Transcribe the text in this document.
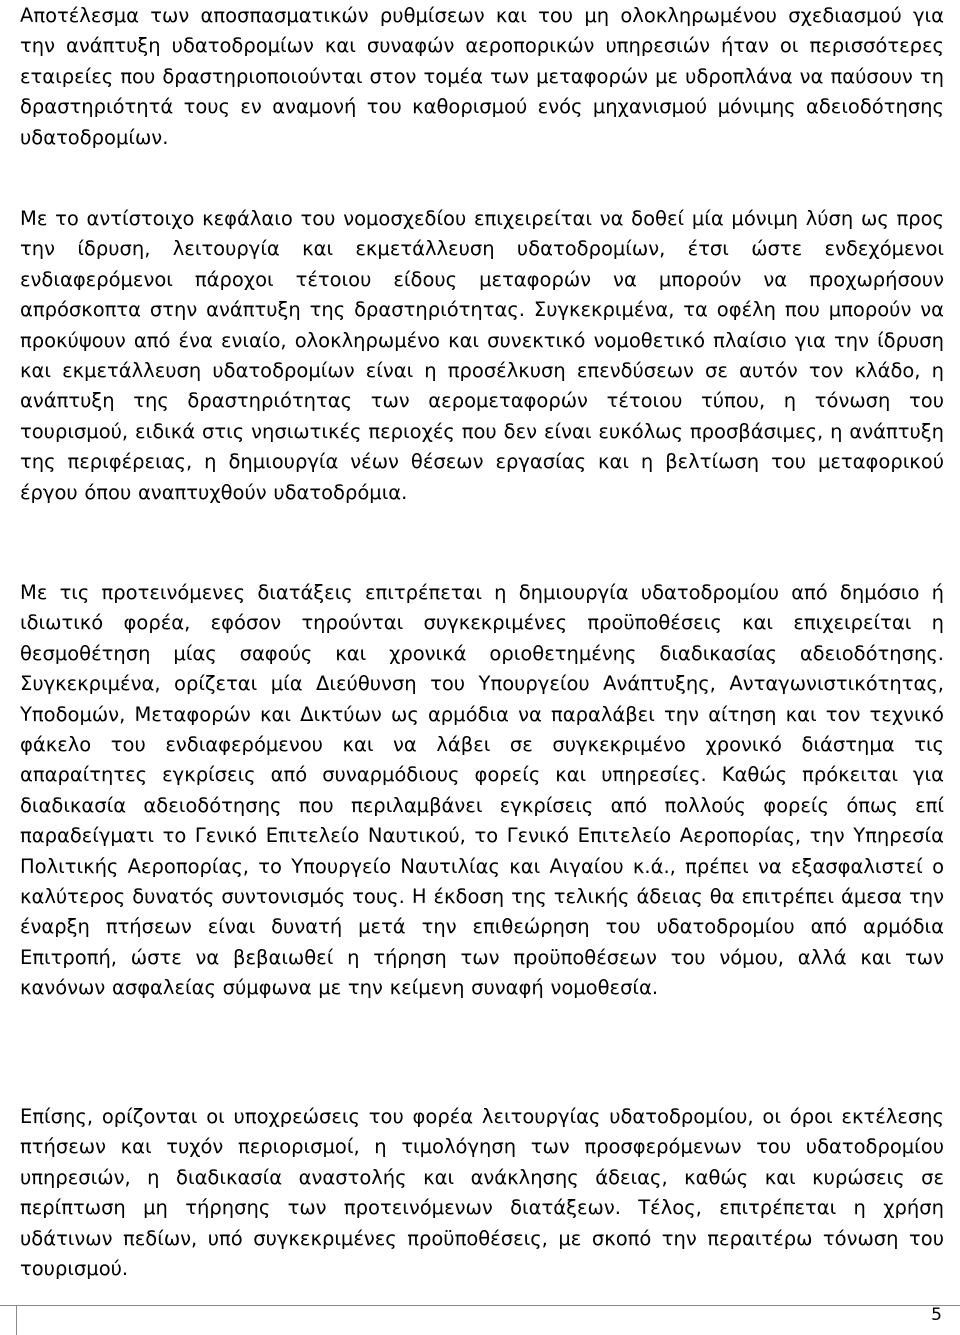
Αποτέλεσμα των αποσπασματικών ρυθμίσεων και του μη ολοκληρωμένου σχεδιασμού για την ανάπτυξη υδατοδρομίων και συναφών αεροπορικών υπηρεσιών ήταν οι περισσότερες εταιρείες που δραστηριοποιούνται στον τομέα των μεταφορών με υδροπλάνα να παύσουν τη δραστηριότητά τους εν αναμονή του καθορισμού ενός μηχανισμού μόνιμης αδειοδότησης υδατοδρομίων.

Με το αντίστοιχο κεφάλαιο του νομοσχεδίου επιχειρείται να δοθεί μία μόνιμη λύση ως προς την ίδρυση, λειτουργία και εκμετάλλευση υδατοδρομίων, έτσι ώστε ενδεχόμενοι ενδιαφερόμενοι πάροχοι τέτοιου είδους μεταφορών να μπορούν να προχωρήσουν απρόσκοπτα στην ανάπτυξη της δραστηριότητας. Συγκεκριμένα, τα οφέλη που μπορούν να προκύψουν από ένα ενιαίο, ολοκληρωμένο και συνεκτικό νομοθετικό πλαίσιο για την ίδρυση και εκμετάλλευση υδατοδρομίων είναι η προσέλκυση επενδύσεων σε αυτόν τον κλάδο, η ανάπτυξη της δραστηριότητας των αερομεταφορών τέτοιου τύπου, η τόνωση του τουρισμού, ειδικά στις νησιωτικές περιοχές που δεν είναι ευκόλως προσβάσιμες, η ανάπτυξη της περιφέρειας, η δημιουργία νέων θέσεων εργασίας και η βελτίωση του μεταφορικού έργου όπου αναπτυχθούν υδατοδρόμια.

Με τις προτεινόμενες διατάξεις επιτρέπεται η δημιουργία υδατοδρομίου από δημόσιο ή ιδιωτικό φορέα, εφόσον τηρούνται συγκεκριμένες προϋποθέσεις και επιχειρείται η θεσμοθέτηση μίας σαφούς και χρονικά οριοθετημένης διαδικασίας αδειοδότησης. Συγκεκριμένα, ορίζεται μία Διεύθυνση του Υπουργείου Ανάπτυξης, Ανταγωνιστικότητας, Υποδομών, Μεταφορών και Δικτύων ως αρμόδια να παραλάβει την αίτηση και τον τεχνικό φάκελο του ενδιαφερόμενου και να λάβει σε συγκεκριμένο χρονικό διάστημα τις απαραίτητες εγκρίσεις από συναρμόδιους φορείς και υπηρεσίες. Καθώς πρόκειται για διαδικασία αδειοδότησης που περιλαμβάνει εγκρίσεις από πολλούς φορείς όπως επί παραδείγματι το Γενικό Επιτελείο Ναυτικού, το Γενικό Επιτελείο Αεροπορίας, την Υπηρεσία Πολιτικής Αεροπορίας, το Υπουργείο Ναυτιλίας και Αιγαίου κ.ά., πρέπει να εξασφαλιστεί ο καλύτερος δυνατός συντονισμός τους. Η έκδοση της τελικής άδειας θα επιτρέπει άμεσα την έναρξη πτήσεων είναι δυνατή μετά την επιθεώρηση του υδατοδρομίου από αρμόδια Επιτροπή, ώστε να βεβαιωθεί η τήρηση των προϋποθέσεων του νόμου, αλλά και των κανόνων ασφαλείας σύμφωνα με την κείμενη συναφή νομοθεσία.

Επίσης, ορίζονται οι υποχρεώσεις του φορέα λειτουργίας υδατοδρομίου, οι όροι εκτέλεσης πτήσεων και τυχόν περιορισμοί, η τιμολόγηση των προσφερόμενων του υδατοδρομίου υπηρεσιών, η διαδικασία αναστολής και ανάκλησης άδειας, καθώς και κυρώσεις σε περίπτωση μη τήρησης των προτεινόμενων διατάξεων. Τέλος, επιτρέπεται η χρήση υδάτινων πεδίων, υπό συγκεκριμένες προϋποθέσεις, με σκοπό την περαιτέρω τόνωση του τουρισμού.

5
